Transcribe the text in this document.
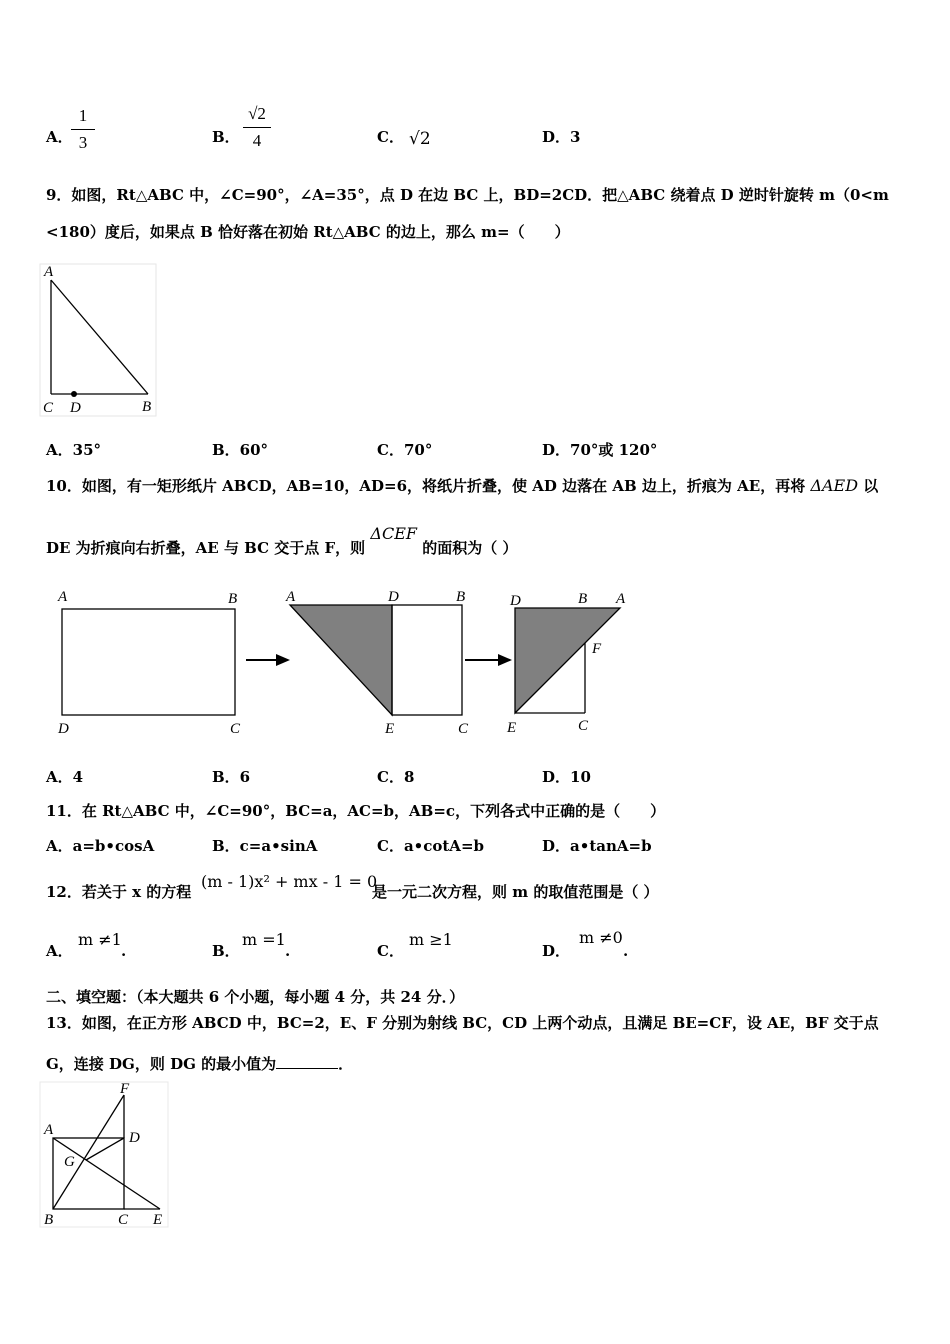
A．
1
3	B．
√2
4	C． √2	D．3
9．如图，Rt△ABC 中，∠C=90°，∠A=35°，点 D 在边 BC 上，BD=2CD．把△ABC 绕着点 D 逆时针旋转 m（0<m
<180）度后，如果点 B 恰好落在初始 Rt△ABC 的边上，那么 m=（　　）
A
C D	B
A．35°	B．60°	C．70°	D．70°或 120°
10．如图，有一矩形纸片 ABCD，AB=10，AD=6，将纸片折叠，使 AD 边落在 AB 边上，折痕为 AE，再将 ΔAED 以
DE 为折痕向右折叠，AE 与 BC 交于点 F，则 ΔCEF 的面积为（ ）
A	B
D	C
A	D	B
E	C
D	B A
F
E	C
A．4	B．6	C．8	D．10
11．在 Rt△ABC 中，∠C=90°，BC=a，AC=b，AB=c，下列各式中正确的是（　　）
A．a=b•cosA	B．c=a•sinA	C．a•cotA=b	D．a•tanA=b
12．若关于 x 的方程
(m - 1)x² + mx - 1 = 0
是一元二次方程，则 m 的取值范围是（ ）
A．
m ≠1
.	B．
m =1
.	C．
m ≥1
D．
m ≠0
.
二、填空题：（本大题共 6 个小题，每小题 4 分，共 24 分．）
13．如图，在正方形 ABCD 中，BC=2，E、F 分别为射线 BC，CD 上两个动点，且满足 BE=CF，设 AE，BF 交于点
G，连接 DG，则 DG 的最小值为	．
F
A	D
G
B	C E
